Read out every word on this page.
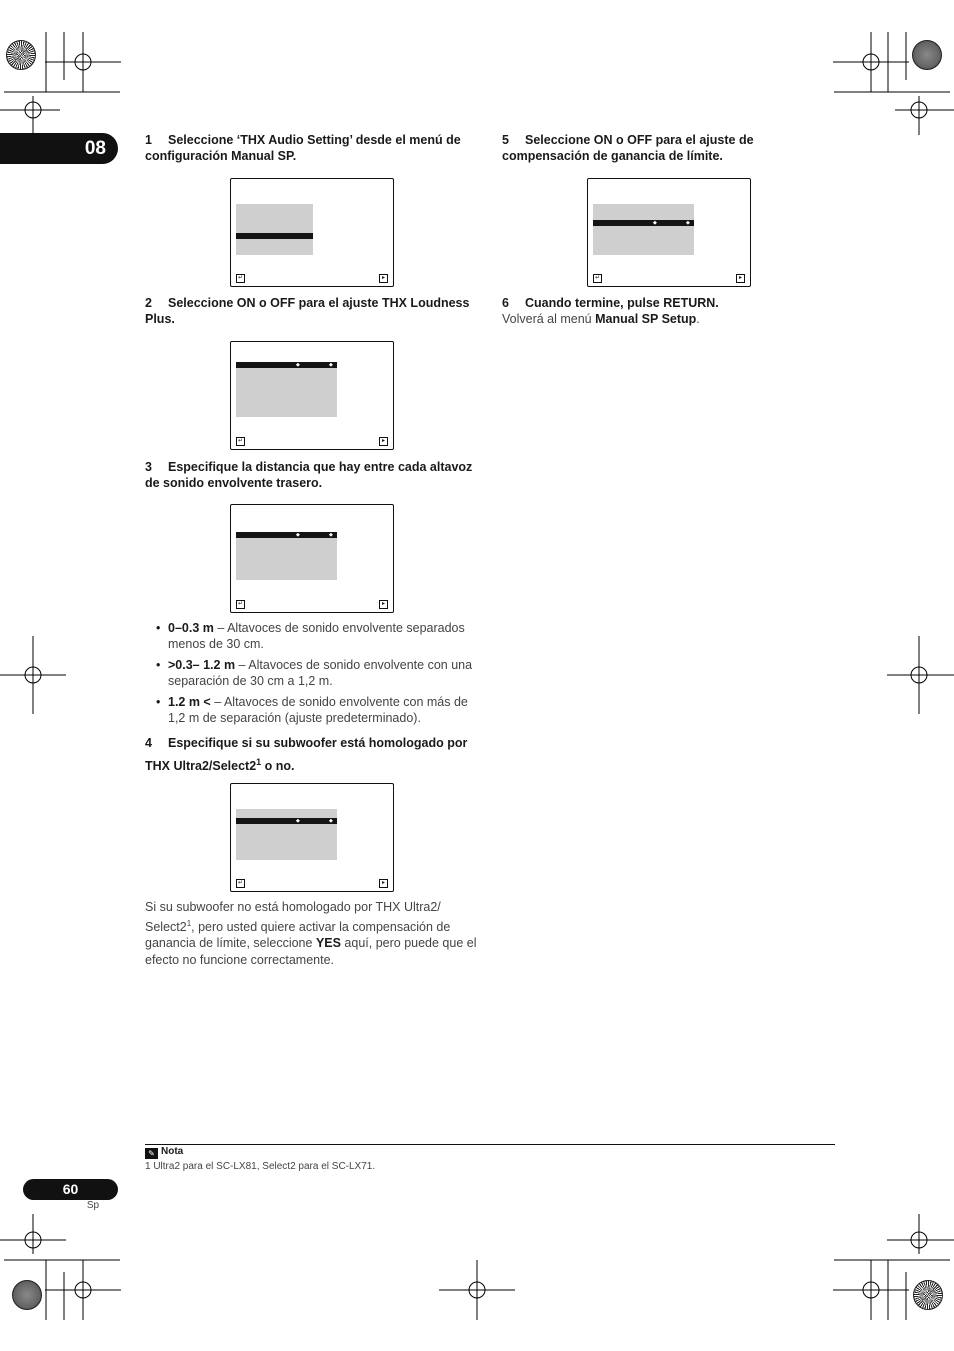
08	1 Seleccione ‘THX Audio Setting’ desde el menú de configuración Manual SP.
↵	▸
2 Seleccione ON o OFF para el ajuste THX Loudness Plus.
◆	◆
↵	▸
3 Especifique la distancia que hay entre cada altavoz de sonido envolvente trasero.
◆	◆
↵	▸
• 0–0.3 m – Altavoces de sonido envolvente separados menos de 30 cm.
• >0.3– 1.2 m – Altavoces de sonido envolvente con una separación de 30 cm a 1,2 m.
• 1.2 m < – Altavoces de sonido envolvente con más de 1,2 m de separación (ajuste predeterminado).
4 Especifique si su subwoofer está homologado por THX $Ultra2/Select2^1$ o no.
◆	◆
↵	▸
Si su subwoofer no está homologado por THX Ultra2/ $Select2^1$, pero usted quiere activar la compensación de ganancia de límite, seleccione YES aquí, pero puede que el efecto no funcione correctamente.
5 Seleccione ON o OFF para el ajuste de compensación de ganancia de límite.
◆	◆
↵	▸
6 Cuando termine, pulse RETURN.
Volverá al menú Manual SP Setup.
✎ Nota
1 Ultra2 para el SC-LX81, Select2 para el SC-LX71.
60
Sp
